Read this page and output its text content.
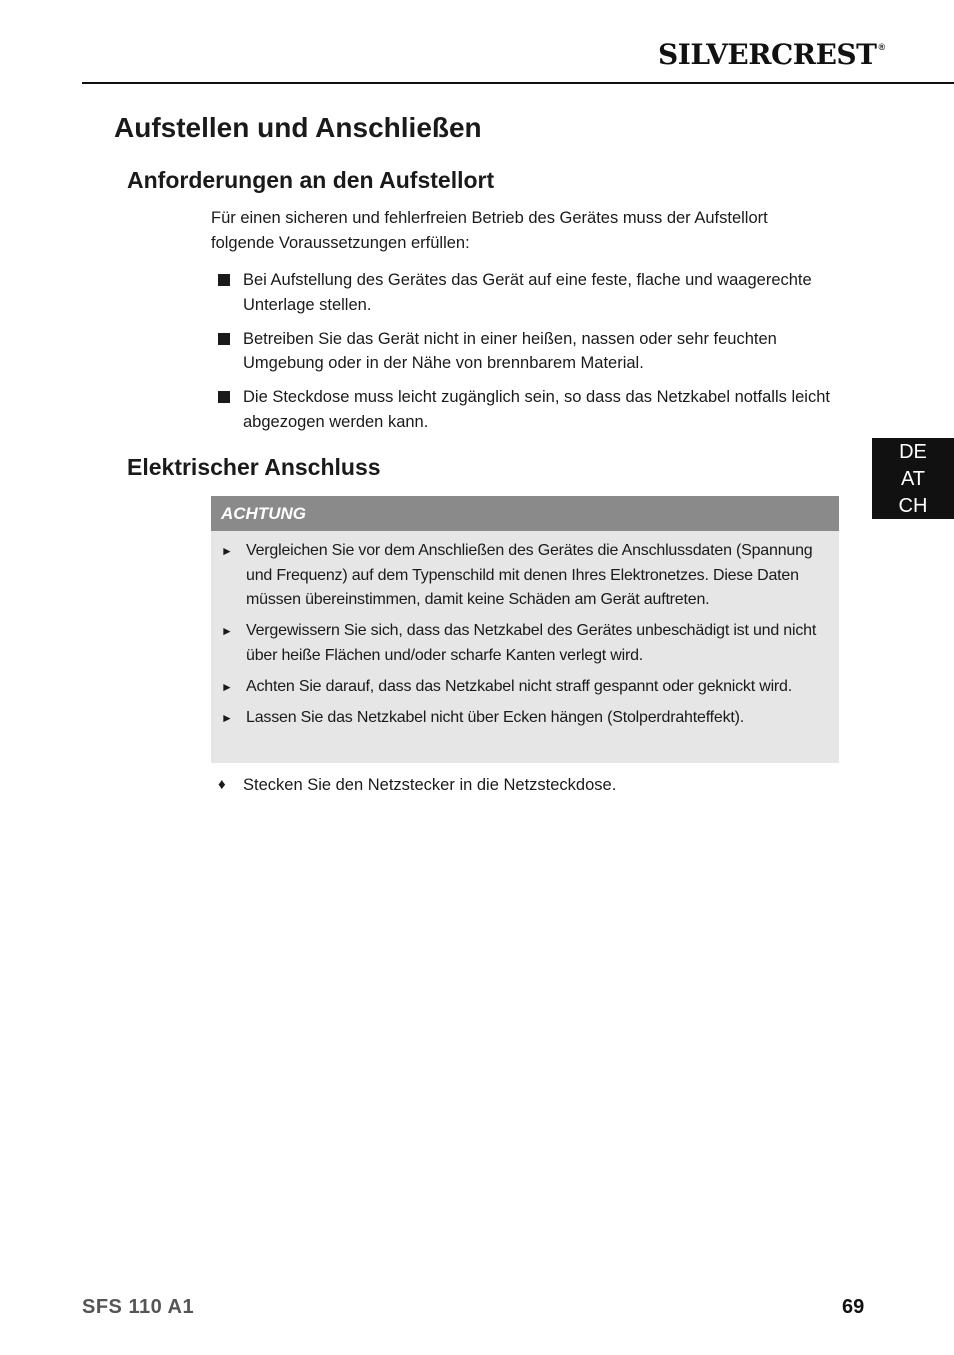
SILVERCREST ®
Aufstellen und Anschließen
Anforderungen an den Aufstellort

Für einen sicheren und fehlerfreien Betrieb des Gerätes muss der Aufstellort folgende Voraussetzungen erfüllen:

Bei Aufstellung des Gerätes das Gerät auf eine feste, flache und waagerechte Unterlage stellen.
Betreiben Sie das Gerät nicht in einer heißen, nassen oder sehr feuchten Umgebung oder in der Nähe von brennbarem Material.
Die Steckdose muss leicht zugänglich sein, so dass das Netzkabel notfalls leicht abgezogen werden kann.
Elektrischer Anschluss
ACHTUNG
► Vergleichen Sie vor dem Anschließen des Gerätes die Anschlussdaten (Spannung und Frequenz) auf dem Typenschild mit denen Ihres Elektronetzes. Diese Daten müssen übereinstimmen, damit keine Schäden am Gerät auftreten.
► Vergewissern Sie sich, dass das Netzkabel des Gerätes unbeschädigt ist und nicht über heiße Flächen und/oder scharfe Kanten verlegt wird.
► Achten Sie darauf, dass das Netzkabel nicht straff gespannt oder geknickt wird.
► Lassen Sie das Netzkabel nicht über Ecken hängen (Stolperdrahteffekt).
♦ Stecken Sie den Netzstecker in die Netzsteckdose.
DE
AT
CH
SFS 110 A1	69
